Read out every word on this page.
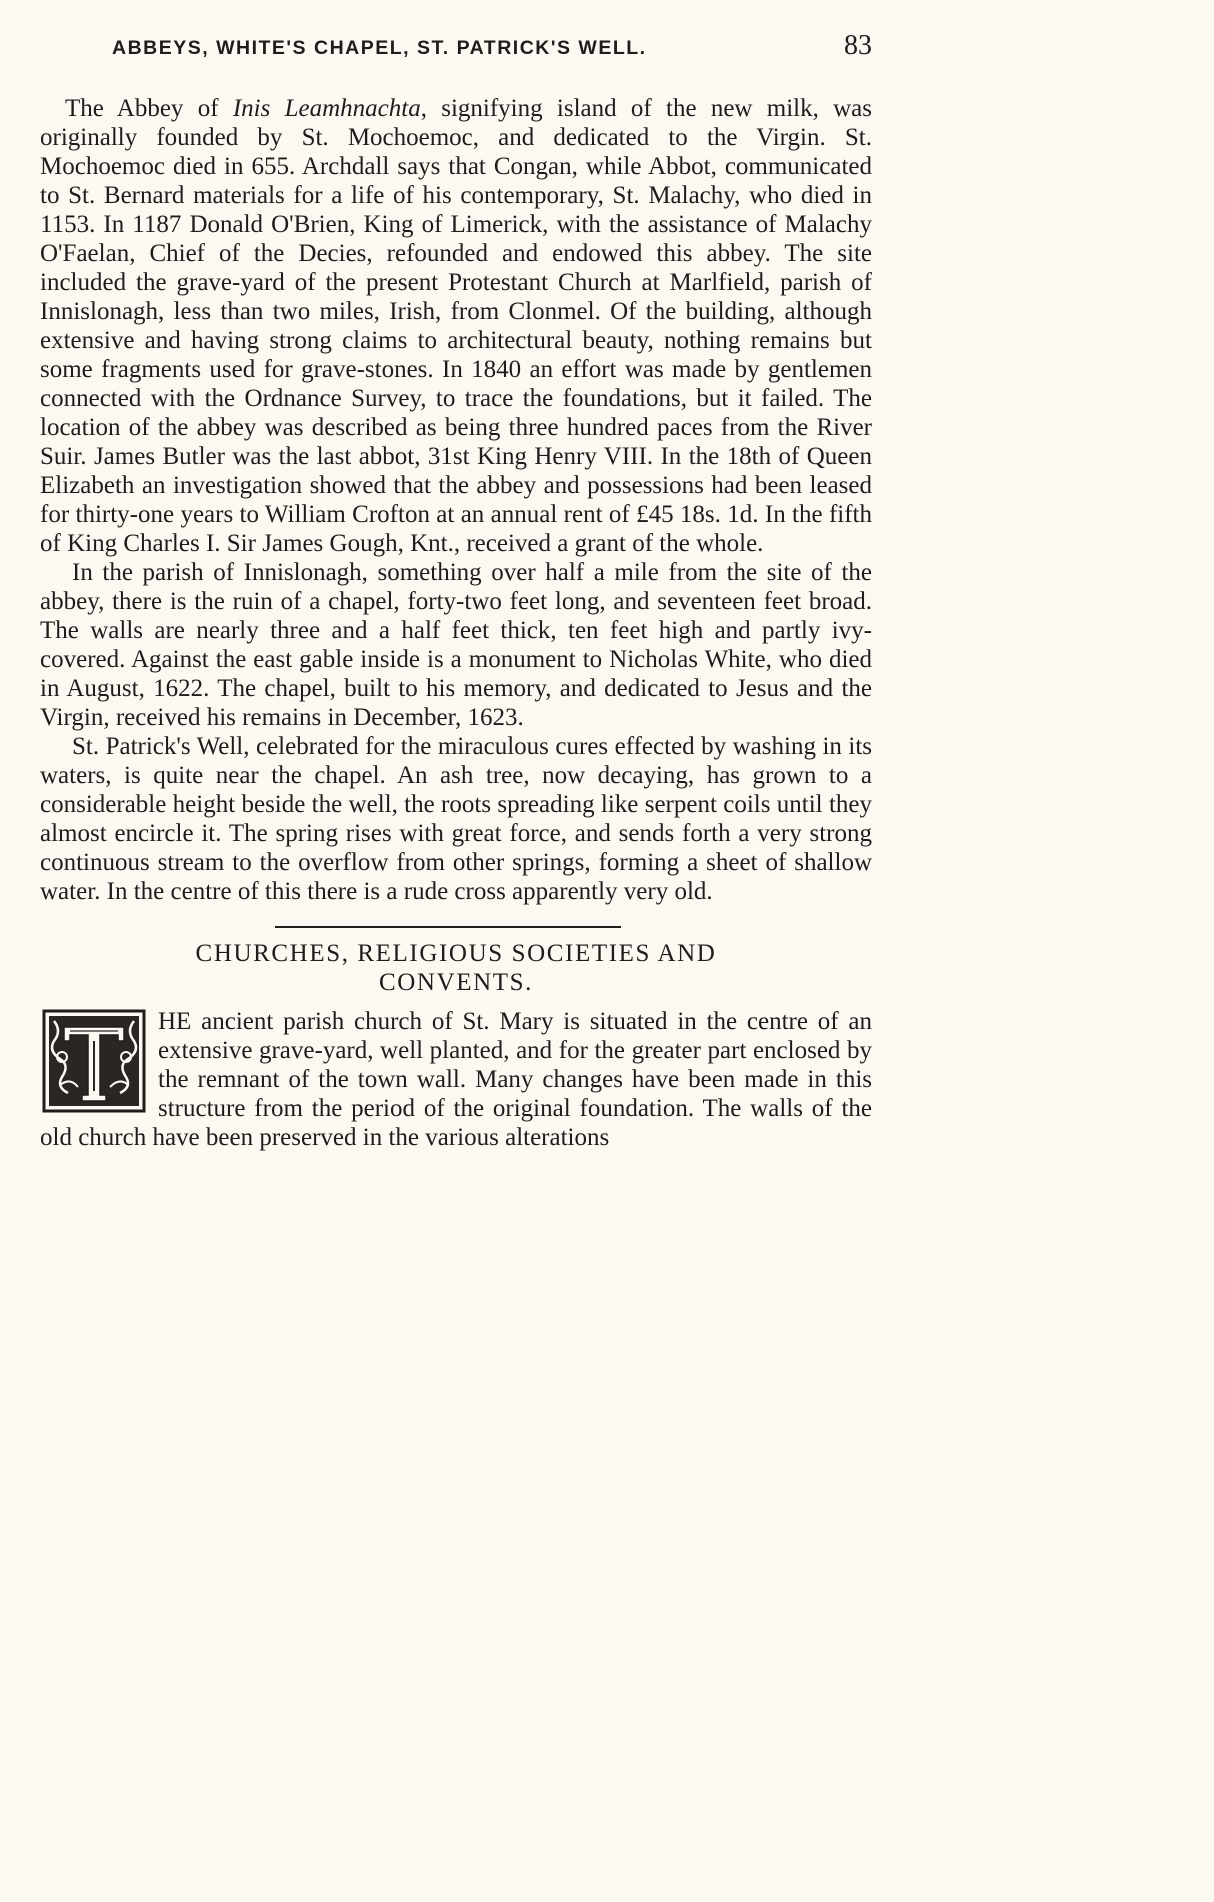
ABBEYS, WHITE'S CHAPEL, ST. PATRICK'S WELL.	83

The Abbey of Inis Leamhnachta, signifying island of the new milk, was originally founded by St. Mochoemoc, and dedicated to the Virgin. St. Mochoemoc died in 655. Archdall says that Congan, while Abbot, communicated to St. Bernard materials for a life of his contemporary, St. Malachy, who died in 1153. In 1187 Donald O'Brien, King of Limerick, with the assistance of Malachy O'Faelan, Chief of the Decies, refounded and endowed this abbey. The site included the grave-yard of the present Protestant Church at Marlfield, parish of Innislonagh, less than two miles, Irish, from Clonmel. Of the building, although extensive and having strong claims to architectural beauty, nothing remains but some fragments used for grave-stones. In 1840 an effort was made by gentlemen connected with the Ordnance Survey, to trace the foundations, but it failed. The location of the abbey was described as being three hundred paces from the River Suir. James Butler was the last abbot, 31st King Henry VIII. In the 18th of Queen Elizabeth an investigation showed that the abbey and possessions had been leased for thirty-one years to William Crofton at an annual rent of £45 18s. 1d. In the fifth of King Charles I. Sir James Gough, Knt., received a grant of the whole.

In the parish of Innislonagh, something over half a mile from the site of the abbey, there is the ruin of a chapel, forty-two feet long, and seventeen feet broad. The walls are nearly three and a half feet thick, ten feet high and partly ivy-covered. Against the east gable inside is a monument to Nicholas White, who died in August, 1622. The chapel, built to his memory, and dedicated to Jesus and the Virgin, received his remains in December, 1623.

St. Patrick's Well, celebrated for the miraculous cures effected by washing in its waters, is quite near the chapel. An ash tree, now decaying, has grown to a considerable height beside the well, the roots spreading like serpent coils until they almost encircle it. The spring rises with great force, and sends forth a very strong continuous stream to the overflow from other springs, forming a sheet of shallow water. In the centre of this there is a rude cross apparently very old.

CHURCHES, RELIGIOUS SOCIETIES AND
CONVENTS.

HE ancient parish church of St. Mary is situated in the centre of an extensive grave-yard, well planted, and for the greater part enclosed by the remnant of the town wall. Many changes have been made in this structure from the period of the original foundation. The walls of the old church have been preserved in the various alterations
